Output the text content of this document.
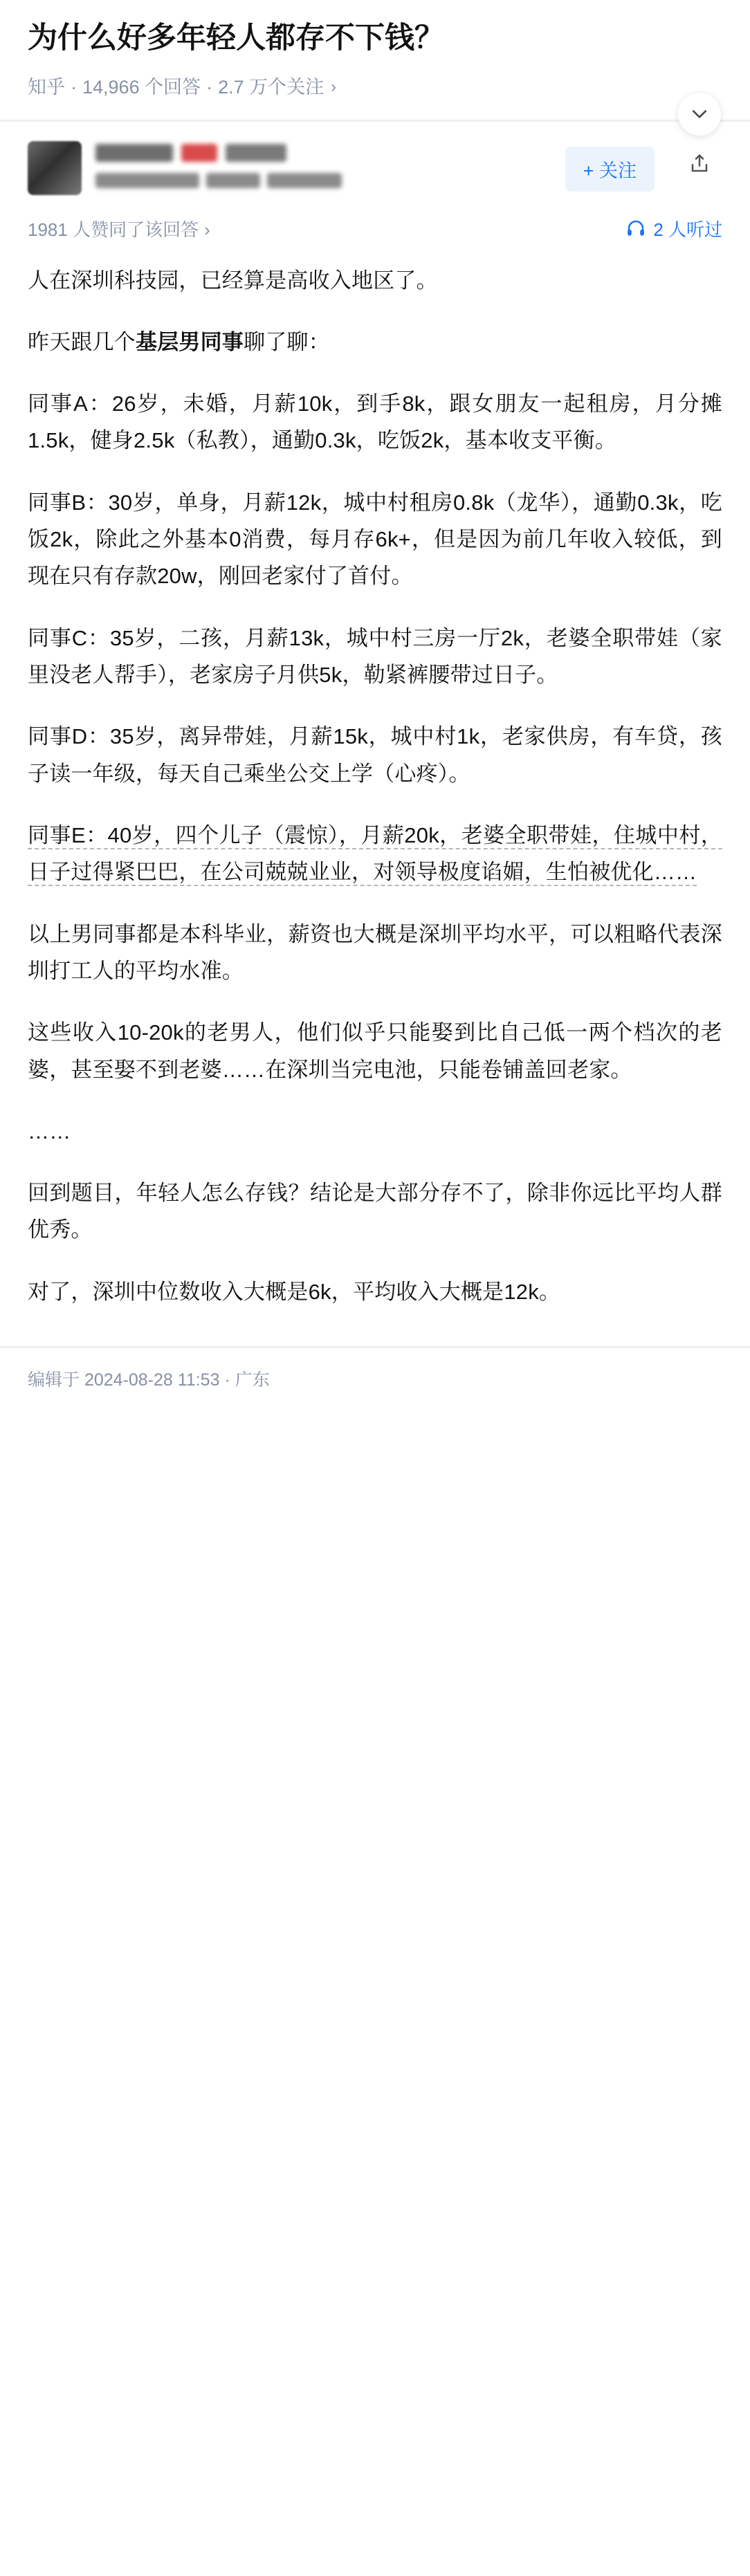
为什么好多年轻人都存不下钱？
知乎 · 14,966 个回答 · 2.7 万个关注 ›
+ 关注
1981 人赞同了该回答 ›	2 人听过

人在深圳科技园，已经算是高收入地区了。

昨天跟几个基层男同事聊了聊：

同事A：26岁，未婚，月薪10k，到手8k，跟女朋友一起租房，月分摊1.5k，健身2.5k（私教），通勤0.3k，吃饭2k，基本收支平衡。

同事B：30岁，单身，月薪12k，城中村租房0.8k（龙华），通勤0.3k，吃饭2k，除此之外基本0消费，每月存6k+，但是因为前几年收入较低，到现在只有存款20w，刚回老家付了首付。

同事C：35岁，二孩，月薪13k，城中村三房一厅2k，老婆全职带娃（家里没老人帮手），老家房子月供5k，勒紧裤腰带过日子。

同事D：35岁，离异带娃，月薪15k，城中村1k，老家供房，有车贷，孩子读一年级，每天自己乘坐公交上学（心疼）。

同事E：40岁，四个儿子（震惊），月薪20k，老婆全职带娃，住城中村，日子过得紧巴巴，在公司兢兢业业，对领导极度谄媚，生怕被优化……

以上男同事都是本科毕业，薪资也大概是深圳平均水平，可以粗略代表深圳打工人的平均水准。

这些收入10-20k的老男人，他们似乎只能娶到比自己低一两个档次的老婆，甚至娶不到老婆……在深圳当完电池，只能卷铺盖回老家。

……

回到题目，年轻人怎么存钱？结论是大部分存不了，除非你远比平均人群优秀。

对了，深圳中位数收入大概是6k，平均收入大概是12k。

编辑于 2024-08-28 11:53 · 广东
